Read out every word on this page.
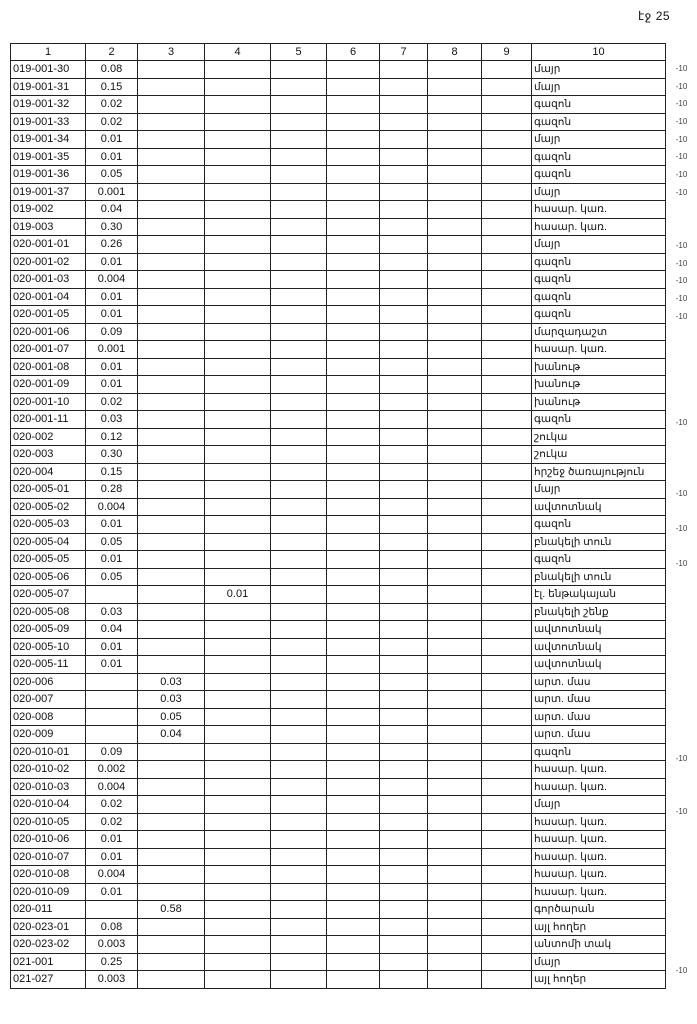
էջ 25
1	2	3	4	5	6	7	8	9	10
019-001-30	0.08								մայր
019-001-31	0.15								մայր
019-001-32	0.02								գազոն
019-001-33	0.02								գազոն
019-001-34	0.01								մայր
019-001-35	0.01								գազոն
019-001-36	0.05								գազոն
019-001-37	0.001								մայր
019-002	0.04								հասար. կառ.
019-003	0.30								հասար. կառ.
020-001-01	0.26								մայր
020-001-02	0.01								գազոն
020-001-03	0.004								գազոն
020-001-04	0.01								գազոն
020-001-05	0.01								գազոն
020-001-06	0.09								մարզադաշտ
020-001-07	0.001								հասար. կառ.
020-001-08	0.01								խանութ
020-001-09	0.01								խանութ
020-001-10	0.02								խանութ
020-001-11	0.03								գազոն
020-002	0.12								շուկա
020-003	0.30								շուկա
020-004	0.15								հրշեջ ծառայություն
020-005-01	0.28								մայր
020-005-02	0.004								ավտոտնակ
020-005-03	0.01								գազոն
020-005-04	0.05								բնակելի տուն
020-005-05	0.01								գազոն
020-005-06	0.05								բնակելի տուն
020-005-07			0.01						էլ. ենթակայան
020-005-08	0.03								բնակելի շենք
020-005-09	0.04								ավտոտնակ
020-005-10	0.01								ավտոտնակ
020-005-11	0.01								ավտոտնակ
020-006		0.03							արտ. մաս
020-007		0.03							արտ. մաս
020-008		0.05							արտ. մաս
020-009		0.04							արտ. մաս
020-010-01	0.09								գազոն
020-010-02	0.002								հասար. կառ.
020-010-03	0.004								հասար. կառ.
020-010-04	0.02								մայր
020-010-05	0.02								հասար. կառ.
020-010-06	0.01								հասար. կառ.
020-010-07	0.01								հասար. կառ.
020-010-08	0.004								հասար. կառ.
020-010-09	0.01								հասար. կառ.
020-011		0.58							գործարան
020-023-01	0.08								այլ հողեր
020-023-02	0.003								անտոմի տակ
021-001	0.25								մայր
021-027	0.003								այլ հողեր
-10
-10
-10
-10
-10
-10
-10
-10
-10
-10
-10
-10
-10
-10
-10
-10
-10
-10
-10
-10
